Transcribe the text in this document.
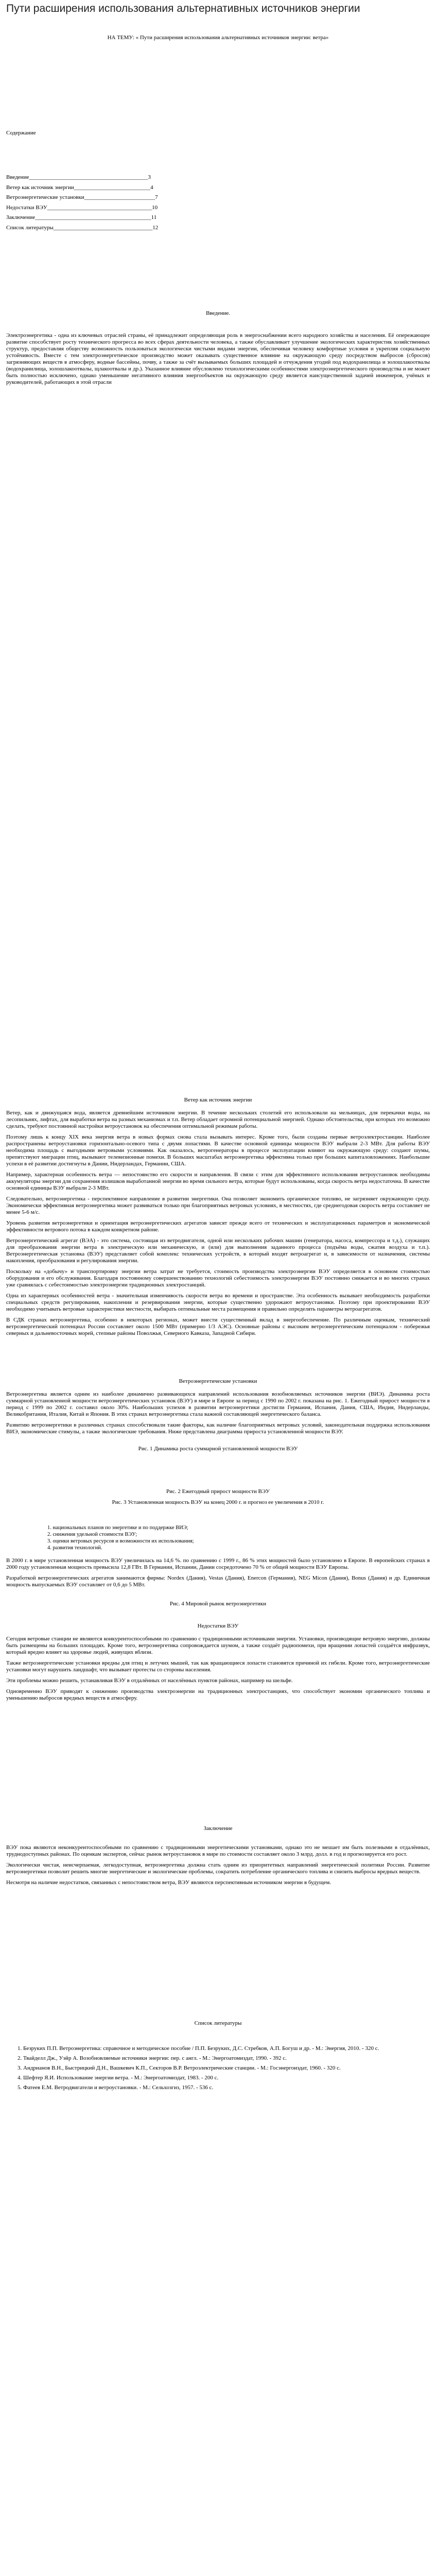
Пути расширения использования альтернативных источников энергии
НА ТЕМУ: « Пути расширения использования альтернативных источников энергии: ветра»
Содержание
Введение__________________________________________3
Ветер как источник энергии___________________________4
Ветроэнергетические установки_________________________7
Недостатки ВЭУ_____________________________________10
Заключение_________________________________________11
Список литературы___________________________________12
Введение.

Электроэнергетика - одна из ключевых отраслей страны, её принадлежит определяющая роль в энергоснабжении всего народного хозяйства и населения. Её опережающее развитие способствует росту технического прогресса во всех сферах деятельности человека, а также обуславливает улучшение экологических характеристик хозяйственных структур, предоставляя обществу возможность пользоваться экологически чистыми видами энергии, обеспечивая человеку комфортные условия и укрепляя социальную устойчивость. Вместе с тем электроэнергетическое производство может оказывать существенное влияние на окружающую среду посредством выбросов (сбросов) загрязняющих веществ в атмосферу, водные бассейны, почву, а также за счёт вызываемых больших площадей и отчуждения угодий под водохранилища и золошлакоотвалы (водохранилища, золошлакоотвалы, щлакоотвалы и др.). Указанное влияние обусловлено технологическими особенностями электроэнергетического производства и не может быть полностью исключено, однако уменьшение негативного влияния энергообъектов на окружающую среду является наисущественной задачей инженеров, учёных и руководителей, работающих в этой отрасли

Ветер как источник энергии

Ветер, как и движущаяся вода, является древнейшим источником энергии. В течение нескольких столетий его использовали на мельницах, для перекачки воды, на лесопильнях, лифтах, для выработки ветра на разных механизмах и т.п. Ветер обладает огромной потенциальной энергией. Однако обстоятельства, при которых это возможно сделать, требуют постоянной настройки ветроустановок на обеспечения оптимальной режимам работы.

Поэтому лишь к концу XIX века энергия ветра в новых формах снова стала вызывать интерес. Кроме того, были созданы первые ветроэлектростанции. Наиболее распространены ветроустановки горизонтально-осевого типа с двумя лопастями. В качестве основной единицы мощности ВЭУ выбрали 2-3 МВт. Для работы ВЭУ необходима площадь с выгодными ветровыми условиями. Как оказалось, ветрогенераторы в процессе эксплуатации влияют на окружающую среду: создают шумы, препятствуют миграции птиц, вызывают телевизионные помехи. В больших масштабах ветроэнергетика эффективна только при больших капиталовложениях. Наибольшие успехи в её развитии достигнуты в Дании, Нидерландах, Германии, США.

Например, характерная особенность ветра — непостоянство его скорости и направления. В связи с этим для эффективного использования ветроустановок необходимы аккумуляторы энергии для сохранения излишков выработанной энергии во время сильного ветра, которые будут использованы, когда скорость ветра недостаточна. В качестве основной единицы ВЭУ выбрали 2-3 МВт.

Следовательно, ветроэнергетика - перспективное направление в развитии энергетики. Она позволяет экономить органическое топливо, не загрязняет окружающую среду. Экономически эффективная ветроэнергетика может развиваться только при благоприятных ветровых условиях, в местностях, где среднегодовая скорость ветра составляет не менее 5-6 м/с.

Уровень развития ветроэнергетики и ориентация ветроэнергетических агрегатов зависят прежде всего от технических и эксплуатационных параметров и экономической эффективности ветрового потока в каждом конкретном районе.

Ветроэнергетический агрегат (ВЭА) - это система, состоящая из ветродвигателя, одной или нескольких рабочих машин (генератора, насоса, компрессора и т.д.), служащих для преобразования энергии ветра в электрическую или механическую, и (или) для выполнения заданного процесса (подъёма воды, сжатия воздуха и т.п.). Ветроэнергетическая установка (ВЭУ) представляет собой комплекс технических устройств, в который входят ветроагрегат и, в зависимости от назначения, системы накопления, преобразования и регулирования энергии.

Поскольку на «добычу» и транспортировку энергии ветра затрат не требуется, стоимость производства электроэнергии ВЭУ определяется в основном стоимостью оборудования и его обслуживания. Благодаря постоянному совершенствованию технологий себестоимость электроэнергии ВЭУ постоянно снижается и во многих странах уже сравнялась с себестоимостью электроэнергии традиционных электростанций.

Одна из характерных особенностей ветра - значительная изменчивость скорости ветра во времени и пространстве. Эта особенность вызывает необходимость разработки специальных средств регулирования, накопления и резервирования энергии, которые существенно удорожают ветроустановки. Поэтому при проектировании ВЭУ необходимо учитывать ветровые характеристики местности, выбирать оптимальные места размещения и правильно определять параметры ветроагрегатов.

В СДК странах ветроэнергетика, особенно в некоторых регионах, может внести существенный вклад в энергообеспечение. По различным оценкам, технический ветроэнергетический потенциал России составляет около 1500 МВт (примерно 1/3 АЭС). Основные районы с высоким ветроэнергетическим потенциалом - побережья северных и дальневосточных морей, степные районы Поволжья, Северного Кавказа, Западной Сибири.

Ветроэнергетические установки

Ветроэнергетика является одним из наиболее динамично развивающихся направлений использования возобновляемых источников энергии (ВИЭ). Динамика роста суммарной установленной мощности ветроэнергетических установок (ВЭУ) в мире и Европе за период с 1990 по 2002 г. показана на рис. 1. Ежегодный прирост мощности в период с 1999 по 2002 г. составил около 30%. Наибольших успехов в развитии ветроэнергетики достигли Германия, Испания, Дания, США, Индия, Нидерланды, Великобритания, Италия, Китай и Япония. В этих странах ветроэнергетика стала важной составляющей энергетического баланса.

Развитию ветроэнергетики в различных странах способствовали такие факторы, как наличие благоприятных ветровых условий, законодательная поддержка использования ВИЭ, экономические стимулы, а также экологические требования. Ниже представлена диаграмма прироста установленной мощности ВЭУ.

Рис. 1 Динамика роста суммарной установленной мощности ВЭУ
Рис. 2 Ежегодный прирост мощности ВЭУ
Рис. 3 Установленная мощность ВЭУ на конец 2000 г. и прогноз ее увеличения в 2010 г.
1. национальных планов по энергетике и по поддержке ВИЭ;
2. снижения удельной стоимости ВЭУ;
3. оценки ветровых ресурсов и возможности их использования;
4. развития технологий.

В 2000 г. в мире установленная мощность ВЭУ увеличилась на 14,6 %. по сравнению с 1999 г., 86 % этих мощностей было установлено в Европе. В европейских странах в 2000 году установленная мощность превысила 12,8 ГВт. В Германии, Испании, Дании сосредоточено 70 % от общей мощности ВЭУ Европы.

Разработкой ветроэнергетических агрегатов занимаются фирмы: Nordex (Дания), Vestas (Дания), Enercon (Германия), NEG Micon (Дания), Bonus (Дания) и др. Единичная мощность выпускаемых ВЭУ составляет от 0,6 до 5 МВт.

Рис. 4 Мировой рынок ветроэнергетики
Недостатки ВЭУ

Сегодня ветровые станции не являются конкурентоспособными по сравнению с традиционными источниками энергии. Установки, производящие ветровую энергию, должны быть размещены на больших площадях. Кроме того, ветроэнергетика сопровождается шумом, а также создаёт радиопомехи, при вращении лопастей создаётся инфразвук, который вредно влияет на здоровье людей, живущих вблизи.

Также ветроэнергетические установки вредны для птиц и летучих мышей, так как вращающиеся лопасти становятся причиной их гибели. Кроме того, ветроэнергетические установки могут нарушить ландшафт, что вызывает протесты со стороны населения.

Эти проблемы можно решить, устанавливая ВЭУ в отдалённых от населённых пунктов районах, например на шельфе.

Одновременно ВЭУ приводят к снижению производства электроэнергии на традиционных электростанциях, что способствует экономии органического топлива и уменьшению выбросов вредных веществ в атмосферу.

Заключение

ВЭУ пока являются неконкурентоспособными по сравнению с традиционными энергетическими установками, однако это не мешает им быть полезными в отдалённых, труднодоступных районах. По оценкам экспертов, сейчас рынок ветроустановок в мире по стоимости составляет около 3 млрд. долл. в год и прогнозируется его рост.

Экологически чистая, неисчерпаемая, легкодоступная, ветроэнергетика должна стать одним из приоритетных направлений энергетической политики России. Развитие ветроэнергетики позволит решить многие энергетические и экологические проблемы, сократить потребление органического топлива и снизить выбросы вредных веществ.

Несмотря на наличие недостатков, связанных с непостоянством ветра, ВЭУ являются перспективным источником энергии в будущем.

Список литературы

1. Безруких П.П. Ветроэнергетика: справочное и методическое пособие / П.П. Безруких, Д.С. Стребков, А.П. Богуш и др. - М.: Энергия, 2010. - 320 с.

2. Твайделл Дж., Уэйр А. Возобновляемые источники энергии: пер. с англ. - М.: Энергоатомиздат, 1990. - 392 с.

3. Андрианов В.Н., Быстрицкий Д.Н., Вашкевич К.П., Секторов В.Р. Ветроэлектрические станции. - М.: Госэнергоиздат, 1960. - 320 с.

4. Шефтер Я.И. Использование энергии ветра. - М.: Энергоатомиздат, 1983. - 200 с.

5. Фатеев Е.М. Ветродвигатели и ветроустановки. - М.: Сельхозгиз, 1957. - 536 с.
